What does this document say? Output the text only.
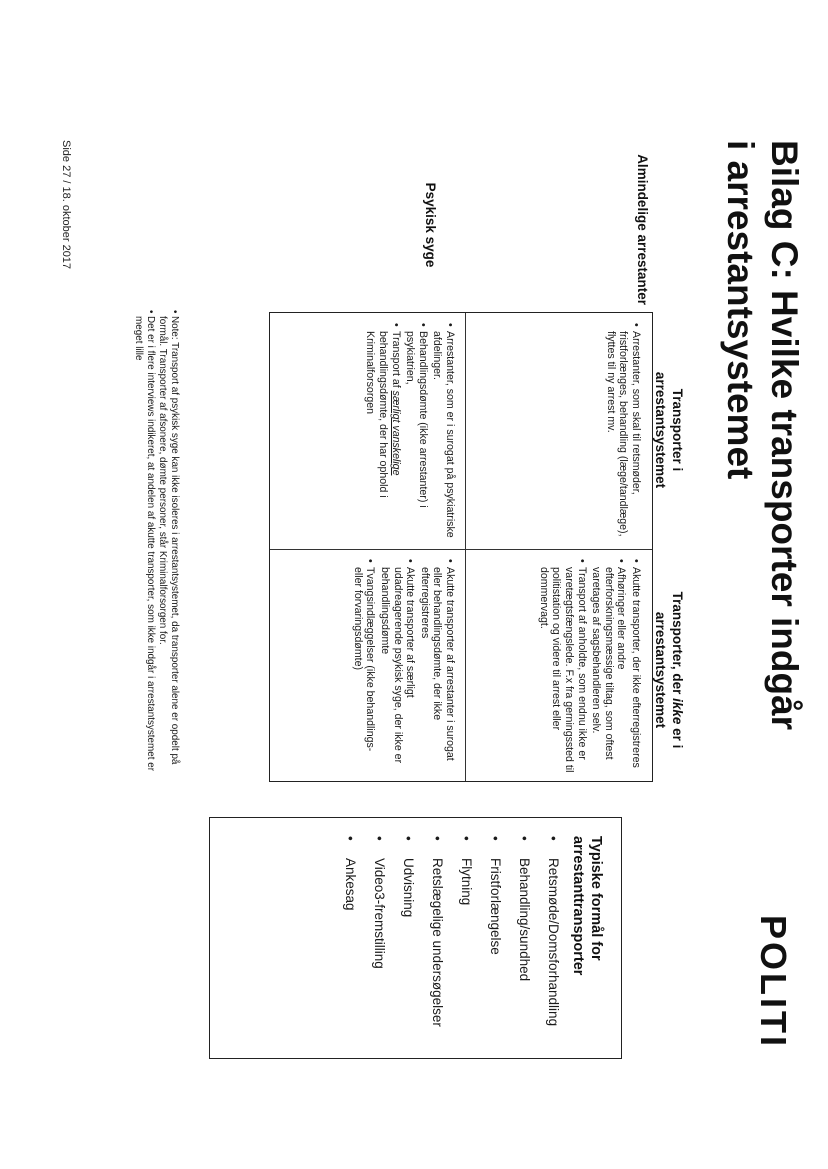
Bilag C: Hvilke transporter indgår i arrestantsystemet
POLITI
Transporter i arrestantsystemet
Transporter, der ikke er i arrestantsystemet
Almindelige arrestanter
Psykisk syge
• Arrestanter, som skal til retsmøder, fristforlænges, behandling (læge/tandlæge), flyttes til ny arrest mv.
• Akutte transporter, der ikke efterregistreres
• Afhøringer eller andre efterforskningsmæssige tiltag, som oftest varetages af sagsbehandleren selv.
• Transport af anholdte, som endnu ikke er varetægtsfængslede. F.x fra gerningssted til politistation og videre til arrest eller dommervagt.
• Arrestanter, som er i surogat på psykiatriske afdelinger.
• Behandlingsdømte (ikke arrestanter) i psykiatrien,
• Transport af særligt vanskelige behandlingsdømte, der har ophold i Kriminalforsorgen
• Akutte transporter af arrestanter i surogat eller behandlingsdømte, der ikke efterregistreres
• Akutte transporter af særligt udadreagerende psykisk syge, der ikke er behandlingsdømte
• Tvangsindlæggelser (ikke behandlings- eller forvaringsdømte)
• Note: Transport af psykisk syge kan ikke isoleres i arrestantsystemet, da transporter alene er opdelt på formål. Transporter af afsonere, dømte personer, står Kriminalforsorgen for.
• Det er i flere interviews indikeret, at andelen af akutte transporter, som ikke indgår i arrestantsystemet er meget lille
Side 27 / 18. oktober 2017
Typiske formål for arrestanttransporter
• Retsmøde/Domsforhandling
• Behandling/sundhed
• Fristforlængelse
• Flytning
• Retslægelige undersøgelser
• Udvisning
• Video3-fremstilling
• Ankesag
